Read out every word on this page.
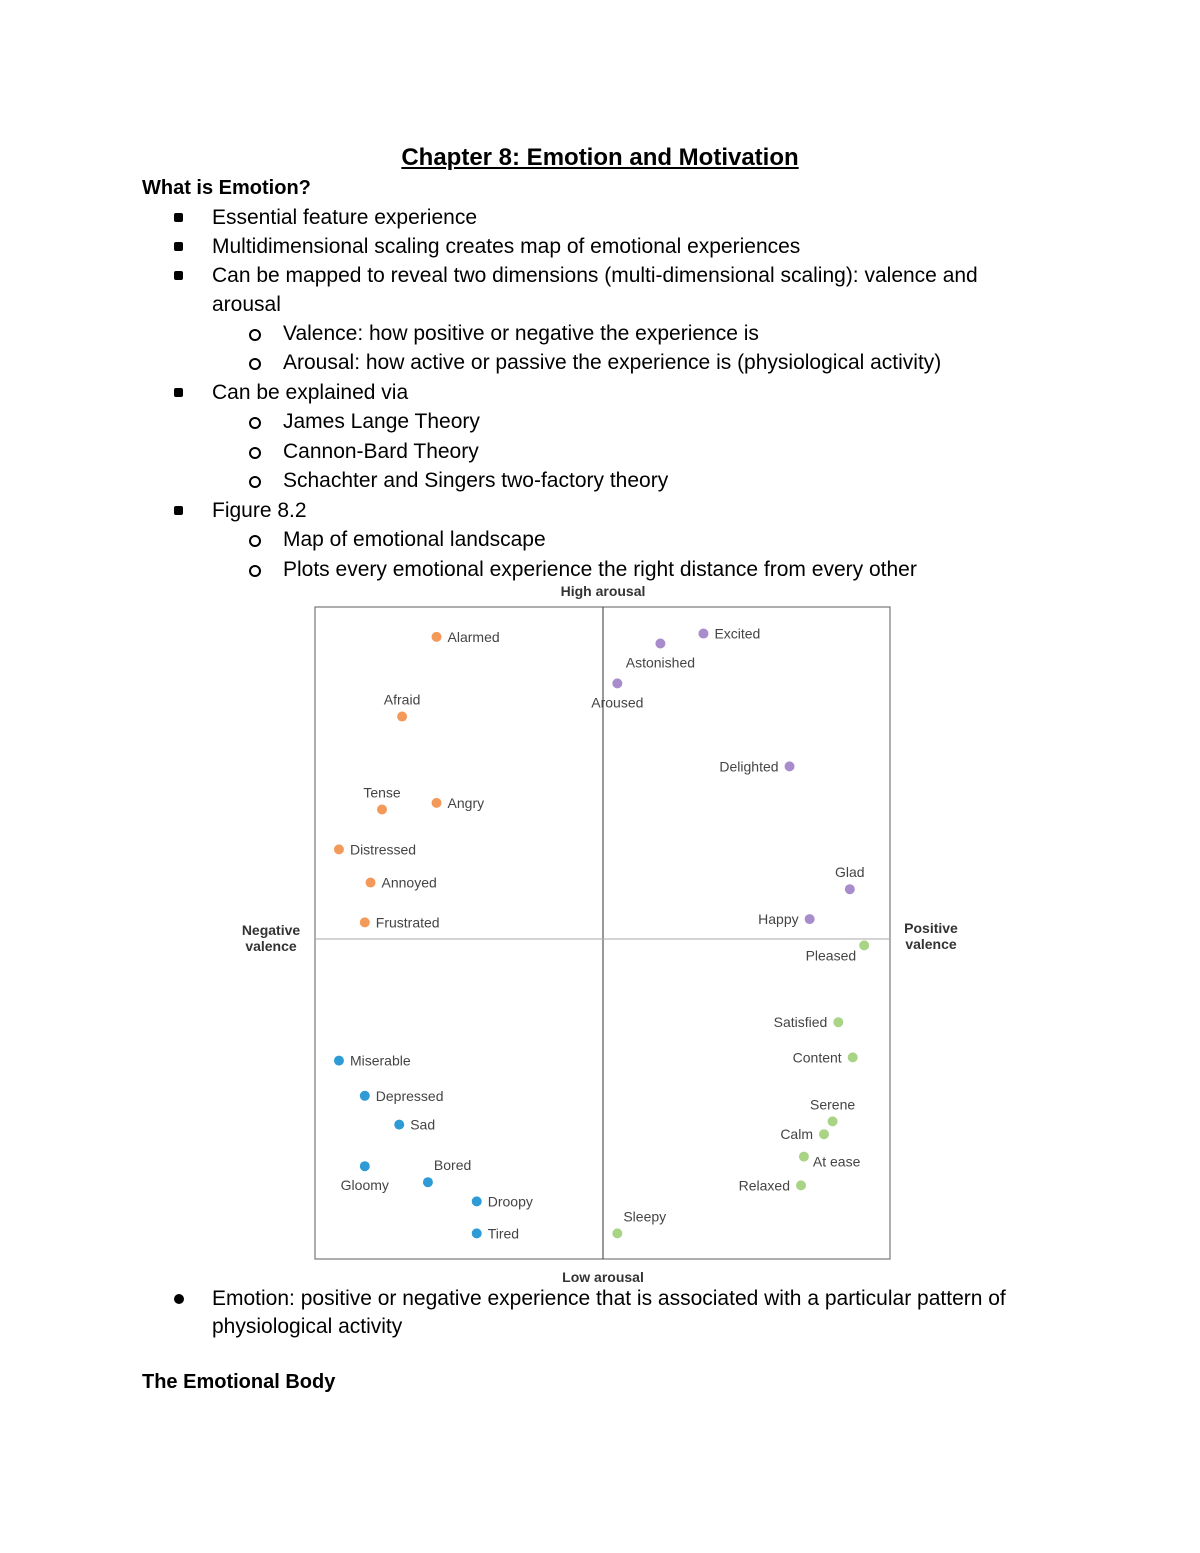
Chapter 8: Emotion and Motivation
What is Emotion?
Essential feature experience
Multidimensional scaling creates map of emotional experiences
Can be mapped to reveal two dimensions (multi-dimensional scaling): valence and
arousal
Valence: how positive or negative the experience is
Arousal: how active or passive the experience is (physiological activity)
Can be explained via
James Lange Theory
Cannon-Bard Theory
Schachter and Singers two-factory theory
Figure 8.2
Map of emotional landscape
Plots every emotional experience the right distance from every other
High arousal
Low arousal
Negative
valence
Positive
valence
Alarmed
Afraid
Tense
Angry
Distressed
Annoyed
Frustrated
Excited
Astonished
Aroused
Delighted
Glad
Happy
Pleased
Satisfied
Content
Serene
Calm
At ease
Relaxed
Sleepy
Miserable
Depressed
Sad
Gloomy
Bored
Droopy
Tired
Emotion: positive or negative experience that is associated with a particular pattern of
physiological activity
The Emotional Body
